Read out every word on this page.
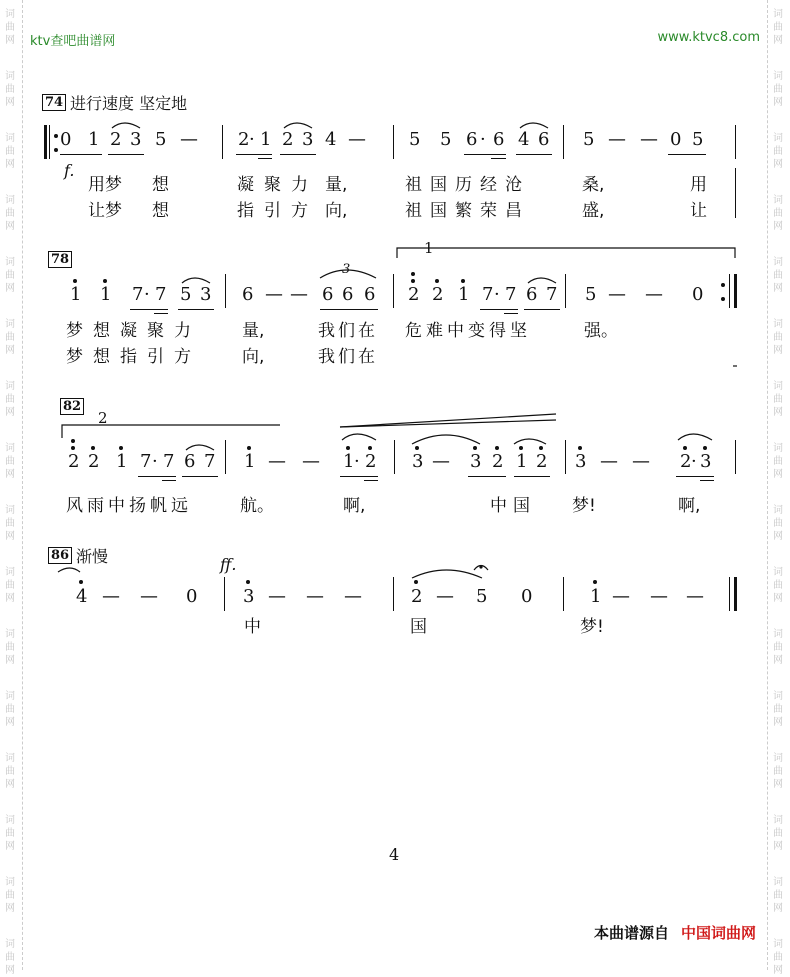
词
曲
网
词
曲
网
词
曲
网
词
曲
网
词
曲
网
词
曲
网
词
曲
网
词
曲
网
词
曲
网
词
曲
网
词
曲
网
词
曲
网
词
曲
网
词
曲
网
词
曲
网
词
曲
网
词
曲
网
词
曲
网
词
曲
网
词
曲
网
词
曲
网
词
曲
网
词
曲
网
词
曲
网
词
曲
网
词
曲
网
词
曲
网
词
曲
网
词
曲
网
词
曲
网
词
曲
网
词
曲
网
ktv查吧曲谱网	www.ktvc8.com
74 进行速度 坚定地
0 1 2 3 5 — 2 · 1 2 3 4 — 5 5 6 · 6 4 6 5 — — 0 5
f.
用梦 想	凝聚力 量,	祖国历经沧	桑,	用
让梦 想	指引方 向,	祖国繁荣昌	盛,	让
78
1
3
1 1 7 · 7 5 3 6 — — 6 6 6 2 2 1 7 · 7 6 7 5 — — 0
梦想凝聚力 量,	我们在 危难中变得坚	强。
梦想指引方 向,	我们在
82
2
2 2 1 7 · 7 6 7 1 — — 1 · 2 3 — 3 2 1 2 3 — — 2 · 3
风雨中扬帆远	航。	啊,	中国 梦!	啊,
86 渐慢	ff.
4 — — 0	3 — — —	2 — 5 0	1 — — —
中	国	梦!
4
本曲谱源自 中国词曲网
